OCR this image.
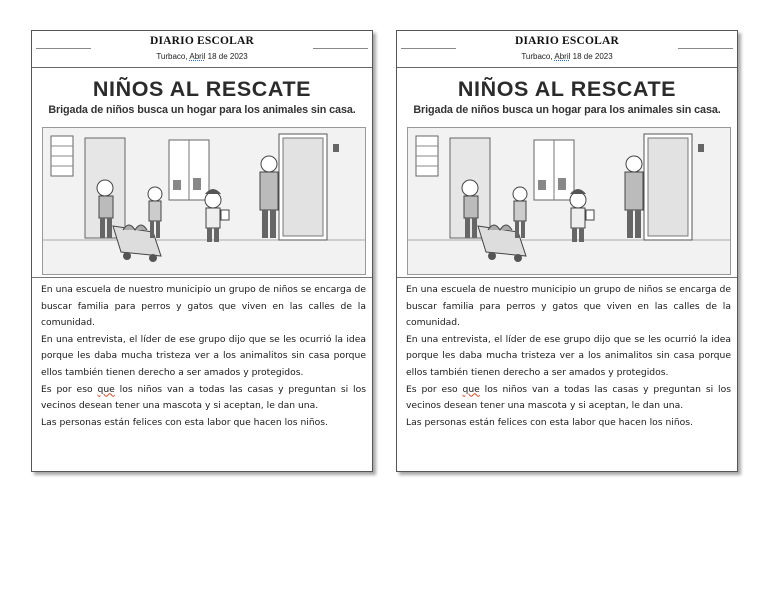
DIARIO ESCOLAR
Turbaco, Abril 18 de 2023
NIÑOS AL RESCATE
Brigada de niños busca un hogar para los animales sin casa.

En una escuela de nuestro municipio un grupo de niños se encarga de buscar familia para perros y gatos que viven en las calles de la comunidad.

En una entrevista, el líder de ese grupo dijo que se les ocurrió la idea porque les daba mucha tristeza ver a los animalitos sin casa porque ellos también tienen derecho a ser amados y protegidos.

Es por eso que los niños van a todas las casas y preguntan si los vecinos desean tener una mascota y si aceptan, le dan una.

Las personas están felices con esta labor que hacen los niños.

DIARIO ESCOLAR
Turbaco, Abril 18 de 2023
NIÑOS AL RESCATE
Brigada de niños busca un hogar para los animales sin casa.

En una escuela de nuestro municipio un grupo de niños se encarga de buscar familia para perros y gatos que viven en las calles de la comunidad.

En una entrevista, el líder de ese grupo dijo que se les ocurrió la idea porque les daba mucha tristeza ver a los animalitos sin casa porque ellos también tienen derecho a ser amados y protegidos.

Es por eso que los niños van a todas las casas y preguntan si los vecinos desean tener una mascota y si aceptan, le dan una.

Las personas están felices con esta labor que hacen los niños.
